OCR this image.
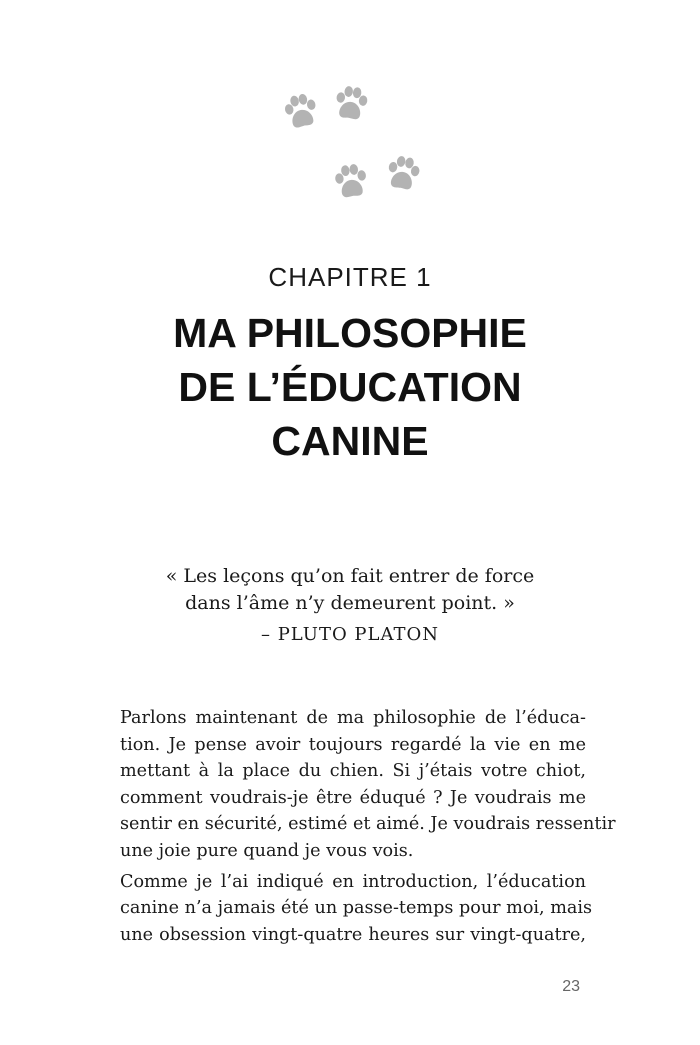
CHAPITRE 1
MA PHILOSOPHIE
DE L’ÉDUCATION
CANINE
« Les leçons qu’on fait entrer de force
dans l’âme n’y demeurent point. »
– PLUTO PLATON
Parlons maintenant de ma philosophie de l’éduca-
tion. Je pense avoir toujours regardé la vie en me
mettant à la place du chien. Si j’étais votre chiot,
comment voudrais-je être éduqué ? Je voudrais me
sentir en sécurité, estimé et aimé. Je voudrais ressentir
une joie pure quand je vous vois.
Comme je l’ai indiqué en introduction, l’éducation
canine n’a jamais été un passe-temps pour moi, mais
une obsession vingt-quatre heures sur vingt-quatre,
23
